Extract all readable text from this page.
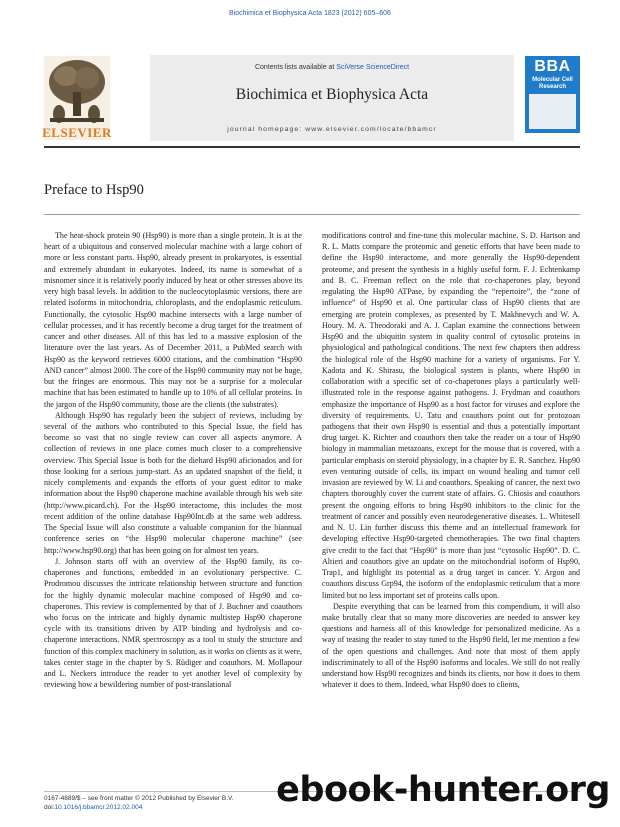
Biochimica et Biophysica Acta 1823 (2012) 605–606
Contents lists available at SciVerse ScienceDirect
Biochimica et Biophysica Acta
journal homepage: www.elsevier.com/locate/bbamcr
ELSEVIER
BBA
Molecular Cell Research
Preface to Hsp90

The heat-shock protein 90 (Hsp90) is more than a single protein. It is at the heart of a ubiquitous and conserved molecular machine with a large cohort of more or less constant parts. Hsp90, already present in prokaryotes, is essential and extremely abundant in eukaryotes. Indeed, its name is somewhat of a misnomer since it is relatively poorly induced by heat or other stresses above its very high basal levels. In addition to the nucleocytoplasmic versions, there are related isoforms in mitochondria, chloroplasts, and the endoplasmic reticulum. Functionally, the cytosolic Hsp90 machine intersects with a large number of cellular processes, and it has recently become a drug target for the treatment of cancer and other diseases. All of this has led to a massive explosion of the literature over the last years. As of December 2011, a PubMed search with Hsp90 as the keyword retrieves 6000 citations, and the combination “Hsp90 AND cancer” almost 2000. The core of the Hsp90 community may not be huge, but the fringes are enormous. This may not be a surprise for a molecular machine that has been estimated to handle up to 10% of all cellular proteins. In the jargon of the Hsp90 community, those are the clients (the substrates).

Although Hsp90 has regularly been the subject of reviews, including by several of the authors who contributed to this Special Issue, the field has become so vast that no single review can cover all aspects anymore. A collection of reviews in one place comes much closer to a comprehensive overview. This Special Issue is both for the diehard Hsp90 aficionados and for those looking for a serious jump-start. As an updated snapshot of the field, it nicely complements and expands the efforts of your guest editor to make information about the Hsp90 chaperone machine available through his web site (http://www.picard.ch). For the Hsp90 interactome, this includes the most recent addition of the online database Hsp90Int.db at the same web address. The Special Issue will also constitute a valuable companion for the biannual conference series on “the Hsp90 molecular chaperone machine” (see http://www.hsp90.org) that has been going on for almost ten years.

J. Johnson starts off with an overview of the Hsp90 family, its co-chaperones and functions, embedded in an evolutionary perspective. C. Prodromou discusses the intricate relationship between structure and function for the highly dynamic molecular machine composed of Hsp90 and co-chaperones. This review is complemented by that of J. Buchner and coauthors who focus on the intricate and highly dynamic multistep Hsp90 chaperone cycle with its transitions driven by ATP binding and hydrolysis and co-chaperone interactions. NMR spectroscopy as a tool to study the structure and function of this complex machinery in solution, as it works on clients as it were, takes center stage in the chapter by S. Rüdiger and coauthors. M. Mollapour and L. Neckers introduce the reader to yet another level of complexity by reviewing how a bewildering number of post-translational

modifications control and fine-tune this molecular machine. S. D. Hartson and R. L. Matts compare the proteomic and genetic efforts that have been made to define the Hsp90 interactome, and more generally the Hsp90-dependent proteome, and present the synthesis in a highly useful form. F. J. Echtenkamp and B. C. Freeman reflect on the role that co-chaperones play, beyond regulating the Hsp90 ATPase, by expanding the “repertoire”, the “zone of influence” of Hsp90 et al. One particular class of Hsp90 clients that are emerging are protein complexes, as presented by T. Makhnevych and W. A. Houry. M. A. Theodoraki and A. J. Caplan examine the connections between Hsp90 and the ubiquitin system in quality control of cytosolic proteins in physiological and pathological conditions. The next few chapters then address the biological role of the Hsp90 machine for a variety of organisms. For Y. Kadota and K. Shirasu, the biological system is plants, where Hsp90 in collaboration with a specific set of co-chaperones plays a particularly well-illustrated role in the response against pathogens. J. Frydman and coauthors emphasize the importance of Hsp90 as a host factor for viruses and explore the diversity of requirements. U. Tatu and coauthors point out for protozoan pathogens that their own Hsp90 is essential and thus a potentially important drug target. K. Richter and coauthors then take the reader on a tour of Hsp90 biology in mammalian metazoans, except for the mouse that is covered, with a particular emphasis on steroid physiology, in a chapter by E. R. Sanchez. Hsp90 even venturing outside of cells, its impact on wound healing and tumor cell invasion are reviewed by W. Li and coauthors. Speaking of cancer, the next two chapters thoroughly cover the current state of affairs. G. Chiosis and coauthors present the ongoing efforts to bring Hsp90 inhibitors to the clinic for the treatment of cancer and possibly even neurodegenerative diseases. L. Whitesell and N. U. Lin further discuss this theme and an intellectual framework for developing effective Hsp90-targeted chemotherapies. The two final chapters give credit to the fact that “Hsp90” is more than just “cytosolic Hsp90”. D. C. Altieri and coauthors give an update on the mitochondrial isoform of Hsp90, Trap1, and highlight its potential as a drug target in cancer. Y. Argon and coauthors discuss Grp94, the isoform of the endoplasmic reticulum that a more limited but no less important set of proteins calls upon.

Despite everything that can be learned from this compendium, it will also make brutally clear that so many more discoveries are needed to answer key questions and harness all of this knowledge for personalized medicine. As a way of teasing the reader to stay tuned to the Hsp90 field, let me mention a few of the open questions and challenges. And note that most of them apply indiscriminately to all of the Hsp90 isoforms and locales. We still do not really understand how Hsp90 recognizes and binds its clients, nor how it does to them whatever it does to them. Indeed, what Hsp90 does to clients,

0167-4889/$ – see front matter © 2012 Published by Elsevier B.V.
doi:10.1016/j.bbamcr.2012.02.004	ebook-hunter.org
